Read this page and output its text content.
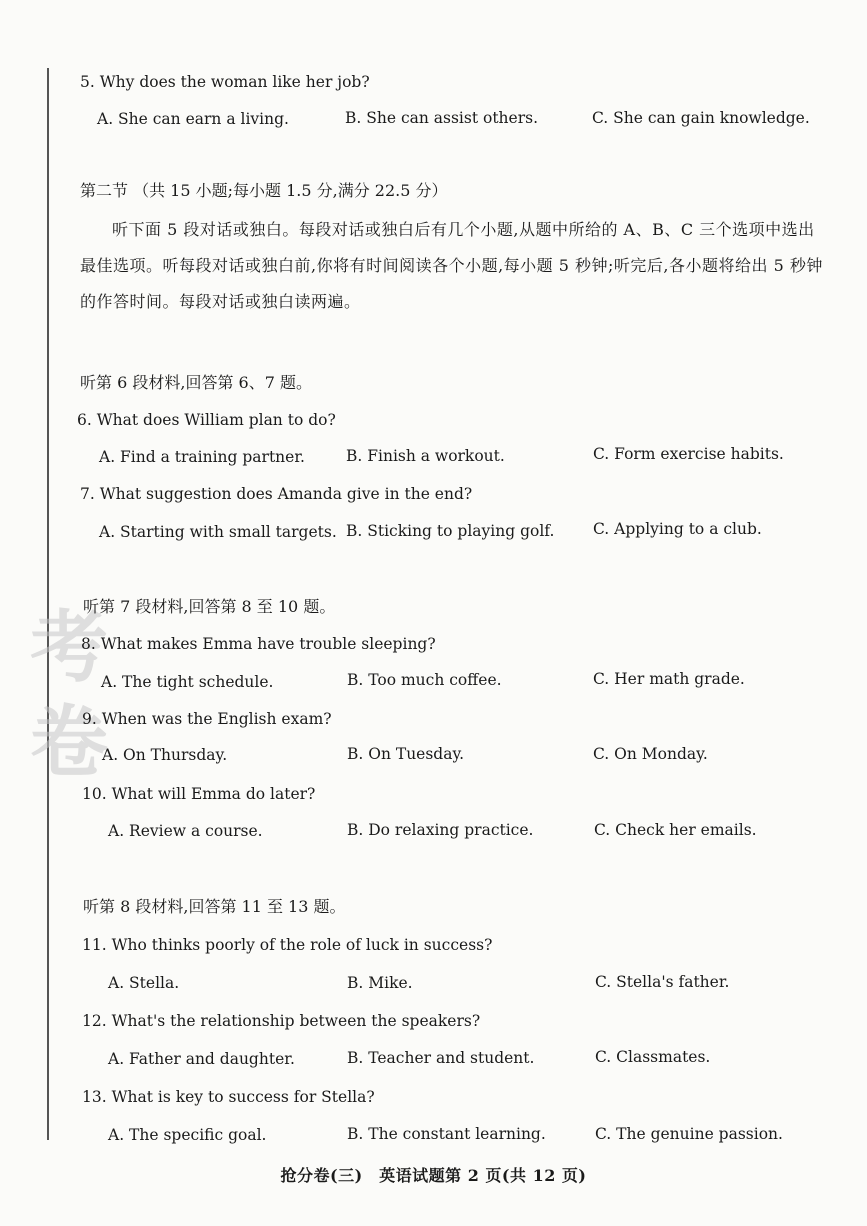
5. Why does the woman like her job?
A. She can earn a living.	B. She can assist others.	C. She can gain knowledge.
第二节 （共 15 小题;每小题 1.5 分,满分 22.5 分）
听下面 5 段对话或独白。每段对话或独白后有几个小题,从题中所给的 A、B、C 三个选项中选出最佳选项。听每段对话或独白前,你将有时间阅读各个小题,每小题 5 秒钟;听完后,各小题将给出 5 秒钟的作答时间。每段对话或独白读两遍。
听第 6 段材料,回答第 6、7 题。
6. What does William plan to do?
A. Find a training partner.	B. Finish a workout.	C. Form exercise habits.
7. What suggestion does Amanda give in the end?
A. Starting with small targets. B. Sticking to playing golf. C. Applying to a club.
考卷
听第 7 段材料,回答第 8 至 10 题。
8. What makes Emma have trouble sleeping?
A. The tight schedule.	B. Too much coffee.	C. Her math grade.
9. When was the English exam?
A. On Thursday.	B. On Tuesday.	C. On Monday.
10. What will Emma do later?
A. Review a course.	B. Do relaxing practice.	C. Check her emails.
听第 8 段材料,回答第 11 至 13 题。
11. Who thinks poorly of the role of luck in success?
A. Stella.	B. Mike.	C. Stella's father.
12. What's the relationship between the speakers?
A. Father and daughter.	B. Teacher and student.	C. Classmates.
13. What is key to success for Stella?
A. The specific goal.	B. The constant learning.	C. The genuine passion.
抢分卷(三)　英语试题第 2 页(共 12 页)
